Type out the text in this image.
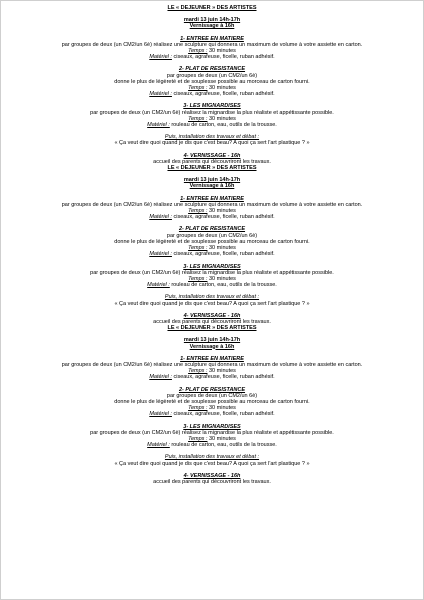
LE « DEJEUNER » DES ARTISTES
mardi 13 juin 14h-17h
Vernissage à 16h
1- ENTREE EN MATIERE
par groupes de deux (un CM2/un 6è) réalisez une sculpture qui donnera un maximum de volume à votre assiette en carton.
Temps : 30 minutes
Matériel : ciseaux, agrafeuse, ficelle, ruban adhésif.
2- PLAT DE RESISTANCE
par groupes de deux (un CM2/un 6è)
donne le plus de légèreté et de souplesse possible au morceau de carton fourni.
Temps : 30 minutes
Matériel : ciseaux, agrafeuse, ficelle, ruban adhésif.
3- LES MIGNARDISES
par groupes de deux (un CM2/un 6è) réalisez la mignardise la plus réaliste et appétissante possible.
Temps : 30 minutes
Matériel : rouleau de carton, eau, outils de la trousse.
Puis, installation des travaux et débat :
« Ça veut dire quoi quand je dis que c'est beau? A quoi ça sert l'art plastique ? »
4- VERNISSAGE - 16h
accueil des parents qui découvriront les travaux.
LE « DEJEUNER » DES ARTISTES
mardi 13 juin 14h-17h
Vernissage à 16h
1- ENTREE EN MATIERE
par groupes de deux (un CM2/un 6è) réalisez une sculpture qui donnera un maximum de volume à votre assiette en carton.
Temps : 30 minutes
Matériel : ciseaux, agrafeuse, ficelle, ruban adhésif.
2- PLAT DE RESISTANCE
par groupes de deux (un CM2/un 6è)
donne le plus de légèreté et de souplesse possible au morceau de carton fourni.
Temps : 30 minutes
Matériel : ciseaux, agrafeuse, ficelle, ruban adhésif.
3- LES MIGNARDISES
par groupes de deux (un CM2/un 6è) réalisez la mignardise la plus réaliste et appétissante possible.
Temps : 30 minutes
Matériel : rouleau de carton, eau, outils de la trousse.
Puis, installation des travaux et débat :
« Ça veut dire quoi quand je dis que c'est beau? A quoi ça sert l'art plastique ? »
4- VERNISSAGE - 16h
accueil des parents qui découvriront les travaux.
LE « DEJEUNER » DES ARTISTES
mardi 13 juin 14h-17h
Vernissage à 16h
1- ENTREE EN MATIERE
par groupes de deux (un CM2/un 6è) réalisez une sculpture qui donnera un maximum de volume à votre assiette en carton.
Temps : 30 minutes
Matériel : ciseaux, agrafeuse, ficelle, ruban adhésif.
2- PLAT DE RESISTANCE
par groupes de deux (un CM2/un 6è)
donne le plus de légèreté et de souplesse possible au morceau de carton fourni.
Temps : 30 minutes
Matériel : ciseaux, agrafeuse, ficelle, ruban adhésif.
3- LES MIGNARDISES
par groupes de deux (un CM2/un 6è) réalisez la mignardise la plus réaliste et appétissante possible.
Temps : 30 minutes
Matériel : rouleau de carton, eau, outils de la trousse.
Puis, installation des travaux et débat :
« Ça veut dire quoi quand je dis que c'est beau? A quoi ça sert l'art plastique ? »
4- VERNISSAGE - 16h
accueil des parents qui découvriront les travaux.
